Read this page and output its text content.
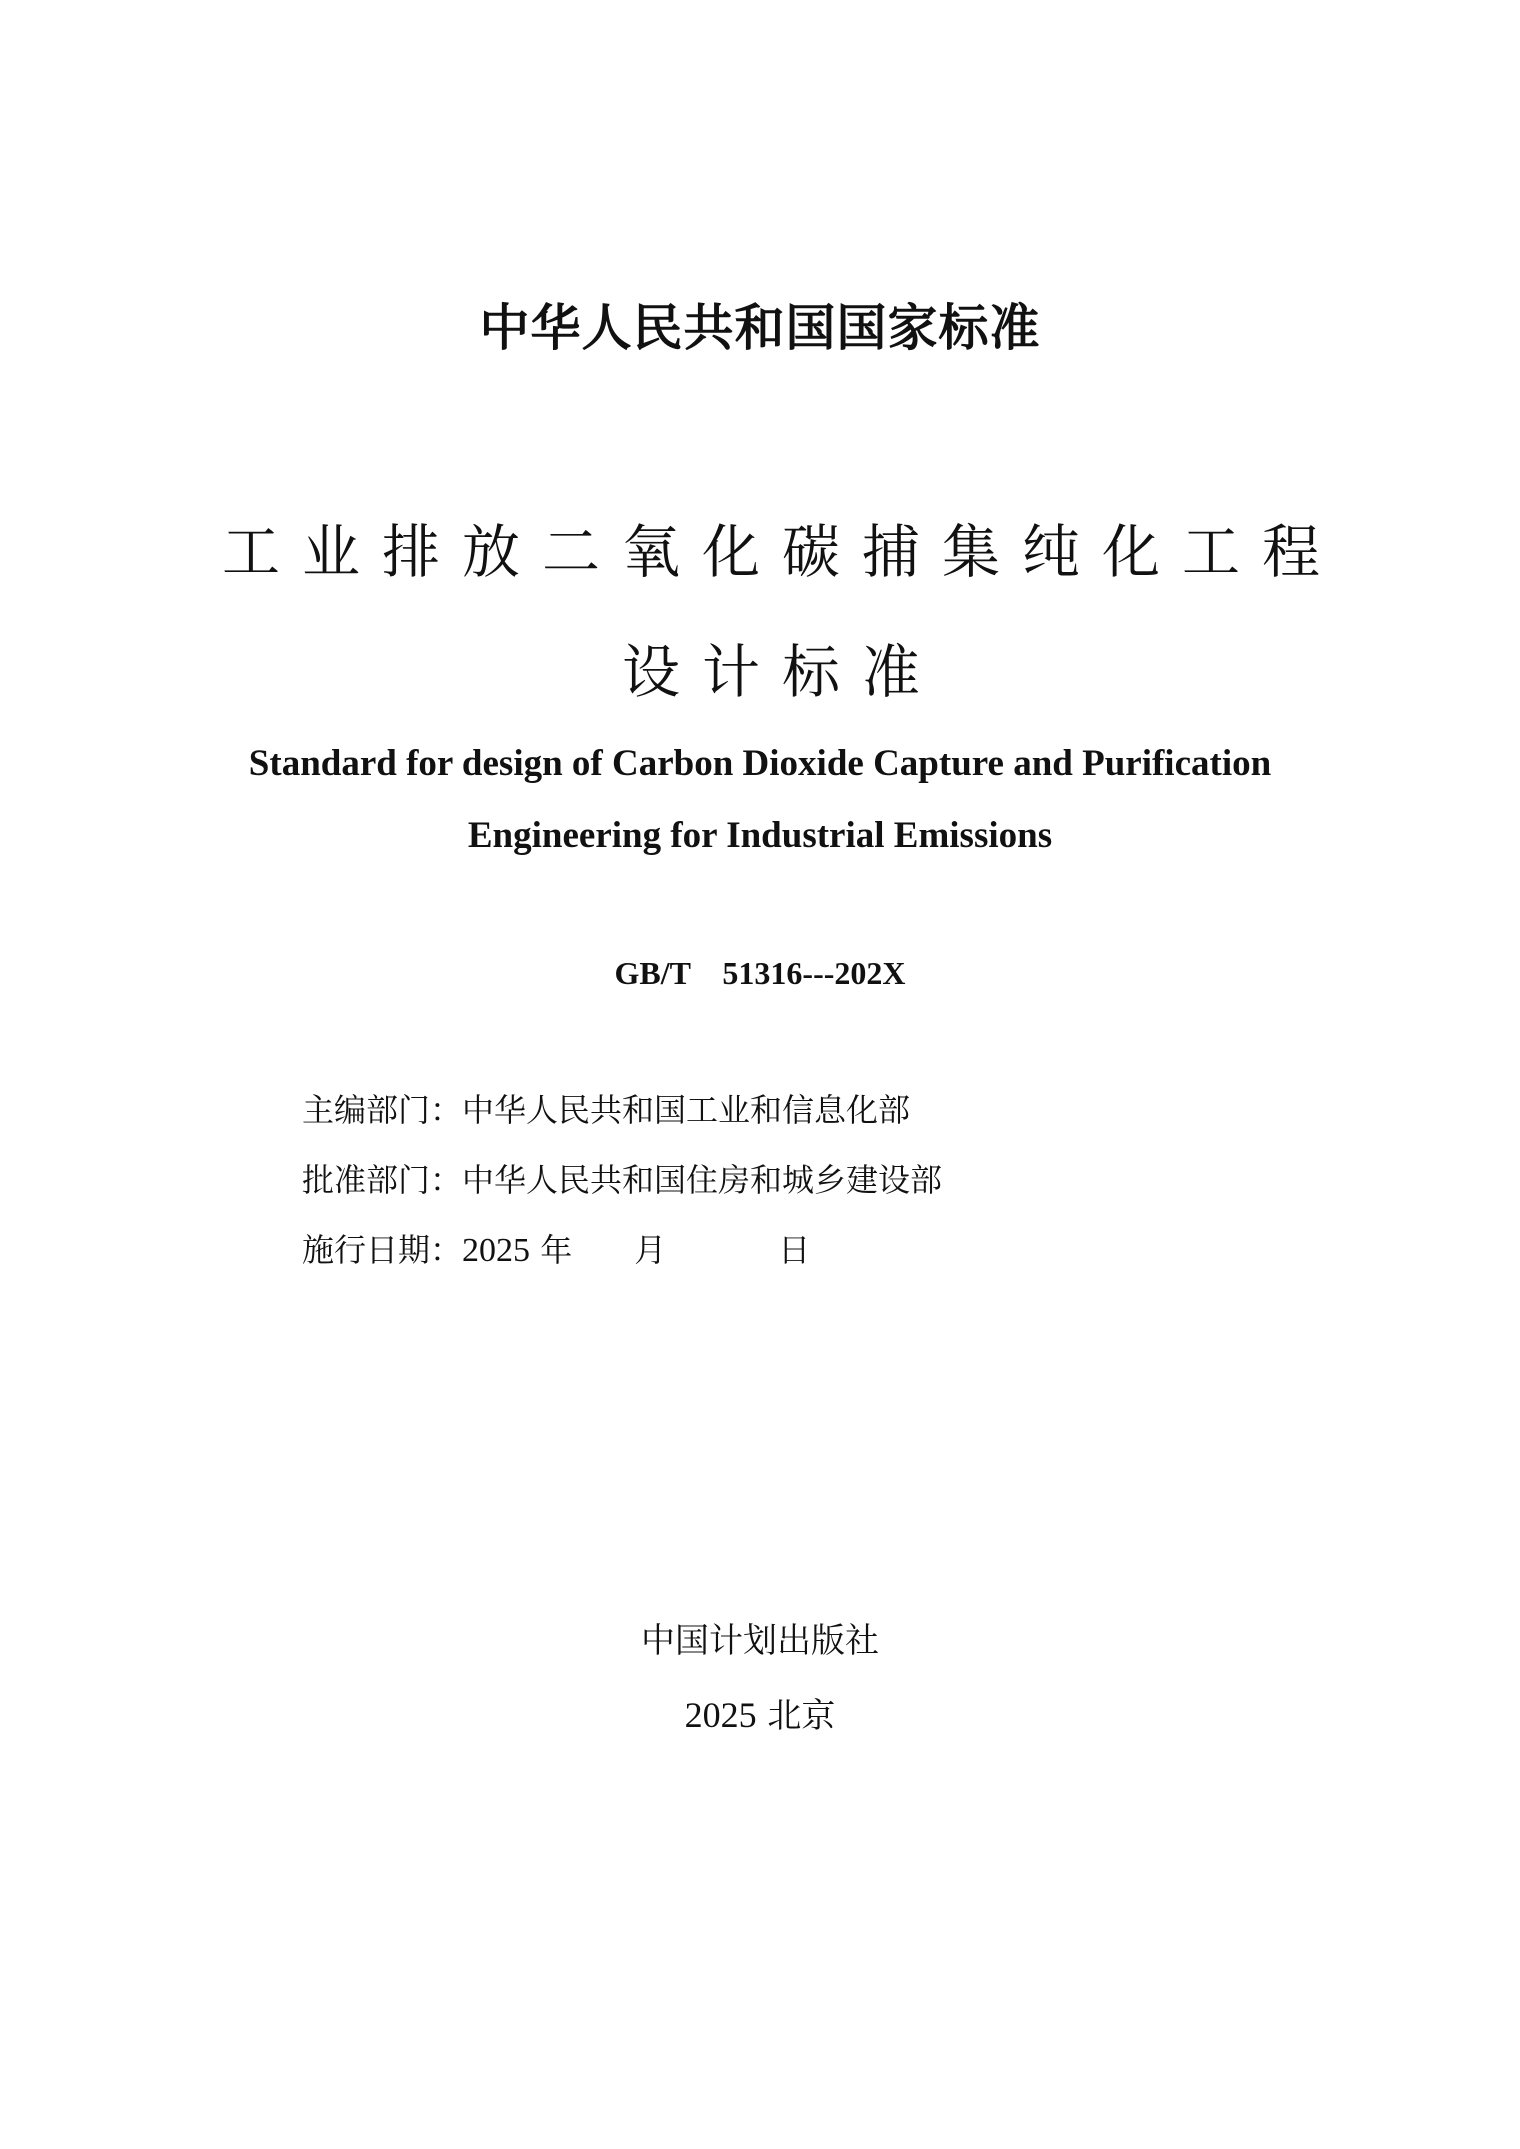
中华人民共和国国家标准
工业排放二氧化碳捕集纯化工程
设计标准
Standard for design of Carbon Dioxide Capture and Purification
Engineering for Industrial Emissions
GB/T    51316---202X
主编部门：中华人民共和国工业和信息化部
批准部门：中华人民共和国住房和城乡建设部
施行日期：2025 年 月	日
中国计划出版社
2025 北京
